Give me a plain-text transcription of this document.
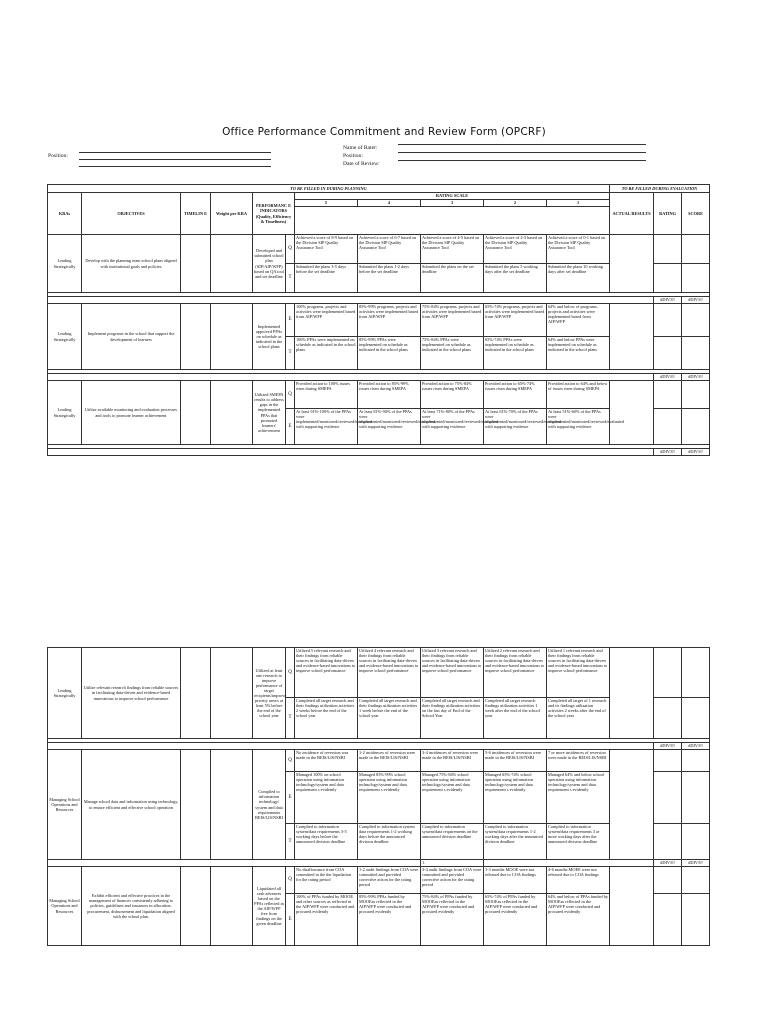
Office Performance Commitment and Review Form (OPCRF)
Position:
Name of Rater:
Position:
Date of Review:
TO BE FILLED IN DURING PLANNING											TO BE FILLED DURING EVALUATION		
KRAs	OBJECTIVES	TIMELIN E	Weight per KRA	PERFORMANC E INDICATORS (Quality, Efficiency & Timeliness)		RATING SCALE					ACTUAL RESULTS	RATING	SCORE
						5	4	3	2	1			

Leading Strategically	Develop with the planning team school plans aligned with institutional goals and policies			Developed and submitted school plan (SIP/AIP/WFP) based on QA tool and set deadline	Q	Achieved a score of 8-9 based on the Division SIP Quality Assurance Tool	Achieved a score of 6-7 based on the Division SIP Quality Assurance Tool	Achieved a score of 4-5 based on the Division SIP Quality Assurance Tool	Achieved a score of 2-3 based on the Division SIP Quality Assurance Tool	Achieved a score of 0-1 based on the Division SIP Quality Assurance Tool			
					T	Submitted the plans 3-5 days before the set deadline	Submitted the plans 1-2 days before the set deadline	Submitted the plans on the set deadline	Submitted the plans 5 working days after the set deadline	Submitted the plans 10 working days after set deadline			

												#DIV/0!	#DIV/0!
Leading Strategically	Implement programs in the school that support the development of learners			Implemented approved PPAs on schedule as indicated in the school plans	E	100% programs, projects and activities were implemented based from AIP/WFP	85%-99% programs, projects and activities were implemented based from AIP/WFP	75%-84% programs, projects and activities were implemented based from AIP/WFP	65%-74% programs, projects and activities were implemented based from AIP/WFP	64% and below of programs, projects and activities were implemented based from AIP/WFP			
					T	100% PPAs were implemented on schedule as indicated in the school plans	85%-99% PPAs were implemented on schedule as indicated in the school plans	75%-84% PPAs were implemented on schedule as indicated in the school plans	65%-74% PPAs were implemented on schedule as indicated in the school plans	64% and below PPAs were implemented on schedule as indicated in the school plans			

												#DIV/0!	#DIV/0!
Leading Strategically	Utilize available monitoring and evaluation processes and tools to promote learner achievement			Utilized SMEPA results to address gaps in the implemented PPAs that promoted learners' achievement	Q	Provided action to 100% issues risen during SMEPA	Provided action to 85%-99% issues risen during SMEPA	Provided action to 75%-84% issues risen during SMEPA	Provided action to 65%-74% issues risen during SMEPA	Provided action to 64% and below of issues risen during SMEPA			
					E	At least 91%-100% of the PPAs were implemented/monitored/reviewed/evaluated with supporting evidence	At least 81%-90% of the PPAs were implemented/monitored/reviewed/evaluated with supporting evidence	At least 71%-80% of the PPAs were implemented/monitored/reviewed/evaluated with supporting evidence	At least 61%-70% of the PPAs were implemented/monitored/reviewed/evaluated with supporting evidence	At least 51%-60% of the PPAs were implemented/monitored/reviewed/evaluated with supporting evidence			

												#DIV/0!	#DIV/0!
Leading Strategically	Utilize relevant research findings from reliable sources in facilitating data-driven and evidence-based innovations to improve school performance			Utilized at least one research to improve performance of target recipients/improve priority area/s at least 5% before the end of the school year	Q	Utilized 5 relevant research and their findings from reliable sources in facilitating data-driven and evidence-based innovations to improve school performance	Utilized 4 relevant research and their findings from reliable sources in facilitating data-driven and evidence-based innovations to improve school performance	Utilized 3 relevant research and their findings from reliable sources in facilitating data-driven and evidence-based innovations to improve school performance	Utilized 2 relevant research and their findings from reliable sources in facilitating data-driven and evidence-based innovations to improve school performance	Utilized 1 relevant research and their findings from reliable sources in facilitating data-driven and evidence-based innovations to improve school performance			
					T	Completed all target research and their findings utilization activities 2 weeks before the end of the school year	Completed all target research and their findings utilization activities 1 week before the end of the school year	Completed all target research and their findings utilization activities on the last day of End of the School Year	Completed all target research findings utilization activities 1 week after the end of the school year	Completed all target of 1 research and its findings utilization activities 2 weeks after the end of the school year			

												#DIV/0!	#DIV/0!
Managing School Operations and Resources	Manage school data and information using technology, to ensure efficient and effective school operation			Complied to information technology/ system and data requirements BEIS/LIS/NSBI	Q	No incidence of reversion was made in the BEIS/LIS/NSBI	1-2 incidences of reversion were made in the BEIS/LIS/NSBI	3-4 incidences of reversion were made in the BEIS/LIS/NSBI	5-6 incidences of reversion were made in the BEIS/LIS/NSBI	7 or more incidences of reversion were made in the BEIS/LIS/NSBI			
					E	Managed 100% on school operation using information technology/system and data requirement s evidently	Managed 85%-99% school operation using information technology/system and data requirement s evidently	Managed 75%-84% school operation using information technology/system and data requirement s evidently	Managed 65%-74% school operation using information technology/system and data requirement s evidently	Managed 64% and below school operation using information technology/system and data requirement s evidently			
					T	Complied to information system/data requirements 3-5 working days before the announced division deadline	Complied to information system data requirements 1-2 working days before the announced division deadline	Complied to information system/data requirements on the announced division deadline	Complied to information system/data requirements 1-2 working days after the announced division deadline	Complied to information system/data requirements 3 or more working days after the announced division deadline			
								1.				#DIV/0!	#DIV/0!
Managing School Operations and Resources	Exhibit efficient and effective practices in the management of finances consistently adhering to policies, guidelines and issuances in allocation, procurement, disbursement and liquidation aligned with the school plan.			Liquidated all cash advances based on the PPAs reflected in the AIP/WFP free from findings on the given deadline	Q	No disallowance from COA committed in the the liquidation for the rating period	1-2 audit findings from COA were committed and provided corrective action for the rating period	3-4 audit findings from COA were committed and provided corrective action for the rating period	1-3 months MOOE were not released due to COA findings	4-6 months MOEE were not released due to COA findings			
					E	100% of PPAs funded by MOOE and other sources as reflected in the AIP/WFP were conducted and procured evidently	85%-99% PPAs funded by MOOEas reflected in the AIP/WFP were conducted and procured evidently	75%-84% of PPAs funded by MOOEas reflected in the AIP/WFP were conducted and procured evidently	65%-74% of PPAs funded by MOOEas reflected in the AIP/WFP were conducted and procured evidently	64% and below of PPAs funded by MOOEas reflected in the AIP/WFP were conducted and procured evidently			
